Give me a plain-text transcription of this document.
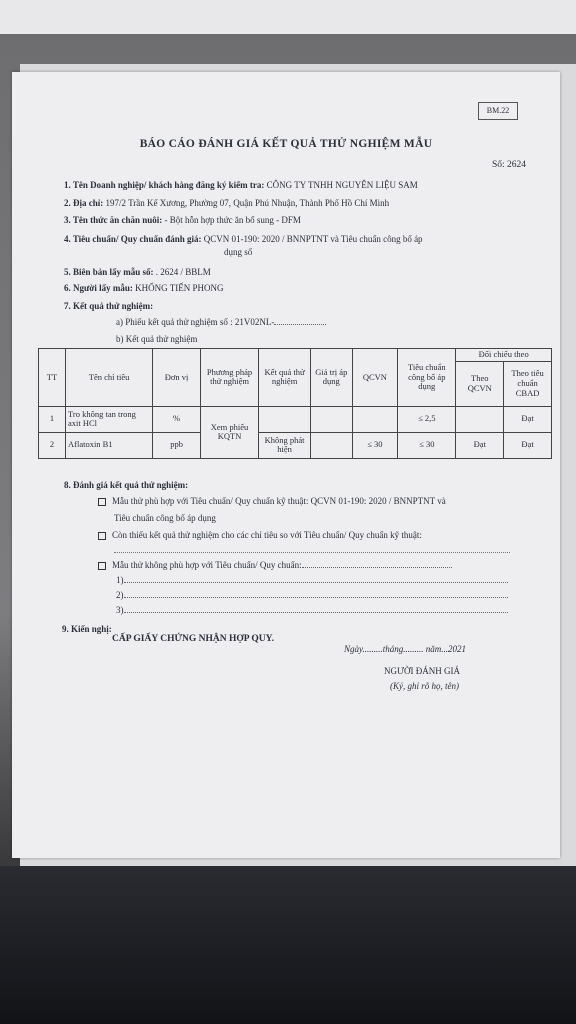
BM.22
BÁO CÁO ĐÁNH GIÁ KẾT QUẢ THỬ NGHIỆM MẪU
Số: 2624
1. Tên Doanh nghiệp/ khách hàng đăng ký kiểm tra: CÔNG TY TNHH NGUYÊN LIỆU SAM
2. Địa chỉ: 197/2 Trần Kế Xương, Phường 07, Quận Phú Nhuận, Thành Phố Hồ Chí Minh
3. Tên thức ăn chăn nuôi: - Bột hỗn hợp thức ăn bổ sung - DFM
4. Tiêu chuẩn/ Quy chuẩn đánh giá: QCVN 01-190: 2020 / BNNPTNT và Tiêu chuẩn công bố áp
dụng số
5. Biên bản lấy mẫu số: . 2624 / BBLM
6. Người lấy mẫu: KHỔNG TIẾN PHONG
7. Kết quả thử nghiệm:
a) Phiếu kết quả thử nghiệm số : 21V02NL-
b) Kết quả thử nghiệm
TT	Tên chỉ tiêu	Đơn vị	Phương pháp thử nghiệm	Kết quả thử nghiệm	Giá trị áp dụng	QCVN	Tiêu chuẩn công bố áp dụng	Đối chiếu theo	
								Theo QCVN	Theo tiêu chuẩn CBAD
1	Tro không tan trong axit HCl	%	Xem phiếu KQTN				≤ 2,5		Đạt
2	Aflatoxin B1	ppb		Không phát hiện		≤ 30	≤ 30	Đạt	Đạt
8. Đánh giá kết quả thử nghiệm:
Mẫu thử phù hợp với Tiêu chuẩn/ Quy chuẩn kỹ thuật: QCVN 01-190: 2020 / BNNPTNT và
Tiêu chuẩn công bố áp dụng
Còn thiếu kết quả thử nghiệm cho các chỉ tiêu so với Tiêu chuẩn/ Quy chuẩn kỹ thuật:
Mẫu thử không phù hợp với Tiêu chuẩn/ Quy chuẩn:
1)
2)
3)
9. Kiến nghị:
CẤP GIẤY CHỨNG NHẬN HỢP QUY.
Ngày.........tháng......... năm...2021
NGƯỜI ĐÁNH GIÁ
(Ký, ghi rõ họ, tên)
